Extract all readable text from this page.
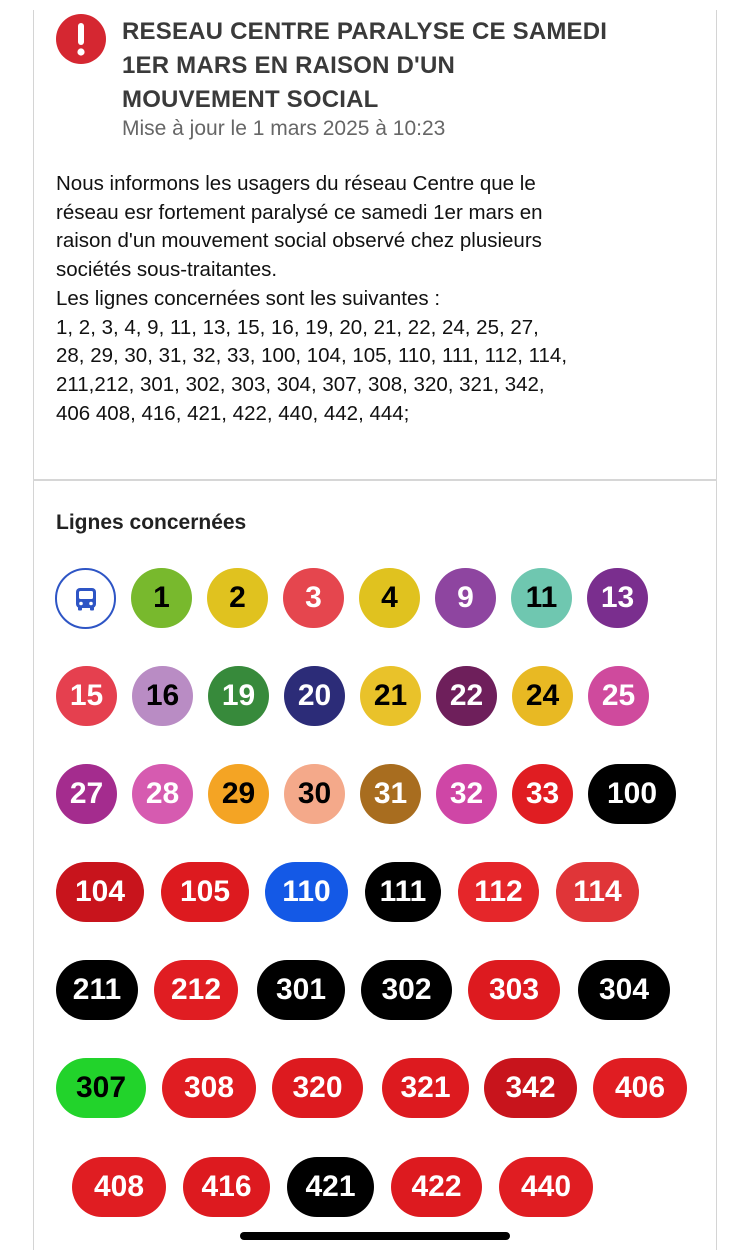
RESEAU CENTRE PARALYSE CE SAMEDI
1ER MARS EN RAISON D'UN
MOUVEMENT SOCIAL
Mise à jour le 1 mars 2025 à 10:23
Nous informons les usagers du réseau Centre que le
réseau esr fortement paralysé ce samedi 1er mars en
raison d'un mouvement social observé chez plusieurs
sociétés sous-traitantes.
Les lignes concernées sont les suivantes :
1, 2, 3, 4, 9, 11, 13, 15, 16, 19, 20, 21, 22, 24, 25, 27,
28, 29, 30, 31, 32, 33, 100, 104, 105, 110, 111, 112, 114,
211,212, 301, 302, 303, 304, 307, 308, 320, 321, 342,
406 408, 416, 421, 422, 440, 442, 444;
Lignes concernées
1 2 3 4 9 11 13
15 16 19 20 21 22 24 25
27 28 29 30 31 32 33 100
104 105 110 111 112 114
211 212 301 302 303 304
307 308 320 321 342 406
408 416 421 422 440
